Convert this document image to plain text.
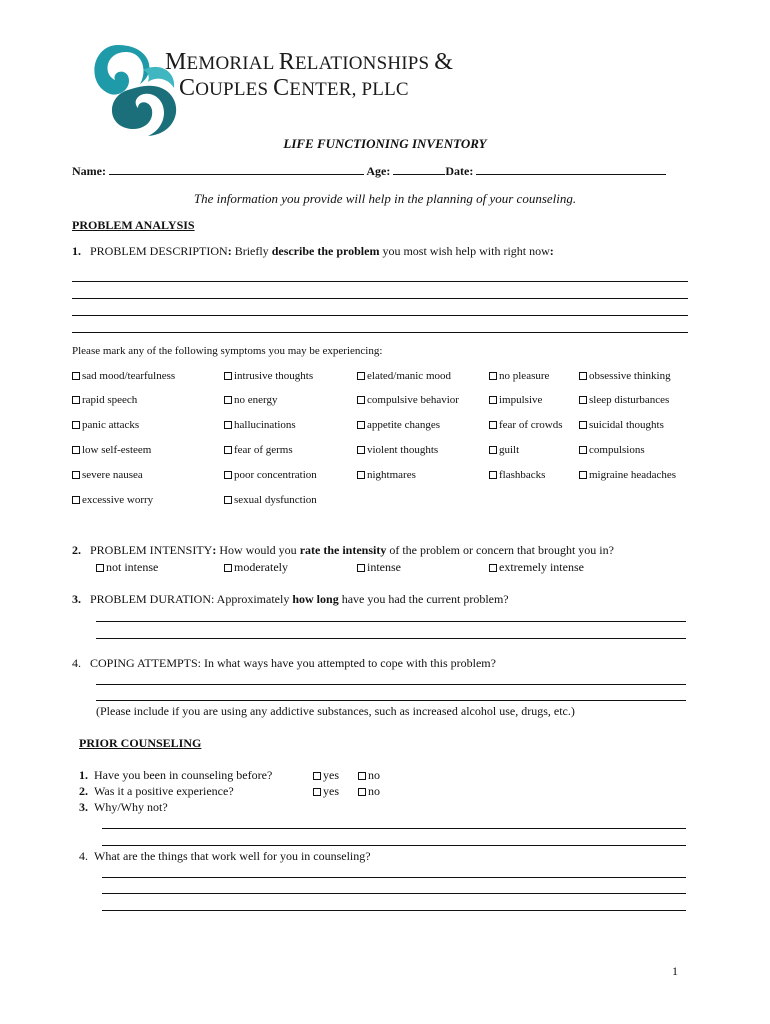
MEMORIAL RELATIONSHIPS &
COUPLES CENTER, PLLC
LIFE FUNCTIONING INVENTORY
Name:	Age:	Date:
The information you provide will help in the planning of your counseling.
PROBLEM ANALYSIS
1. PROBLEM DESCRIPTION: Briefly describe the problem you most wish help with right now:
Please mark any of the following symptoms you may be experiencing:
sad mood/tearfulness	intrusive thoughts	elated/manic mood	no pleasure	obsessive thinking
rapid speech	no energy	compulsive behavior	impulsive	sleep disturbances
panic attacks	hallucinations	appetite changes	fear of crowds	suicidal thoughts
low self-esteem	fear of germs	violent thoughts	guilt	compulsions
severe nausea	poor concentration	nightmares	flashbacks	migraine headaches
excessive worry	sexual dysfunction
2. PROBLEM INTENSITY: How would you rate the intensity of the problem or concern that brought you in?
not intense	moderately	intense	extremely intense
3. PROBLEM DURATION: Approximately how long have you had the current problem?
4. COPING ATTEMPTS: In what ways have you attempted to cope with this problem?
(Please include if you are using any addictive substances, such as increased alcohol use, drugs, etc.)
PRIOR COUNSELING
1. Have you been in counseling before?	yes	no
2. Was it a positive experience?	yes	no
3. Why/Why not?
4. What are the things that work well for you in counseling?
1
